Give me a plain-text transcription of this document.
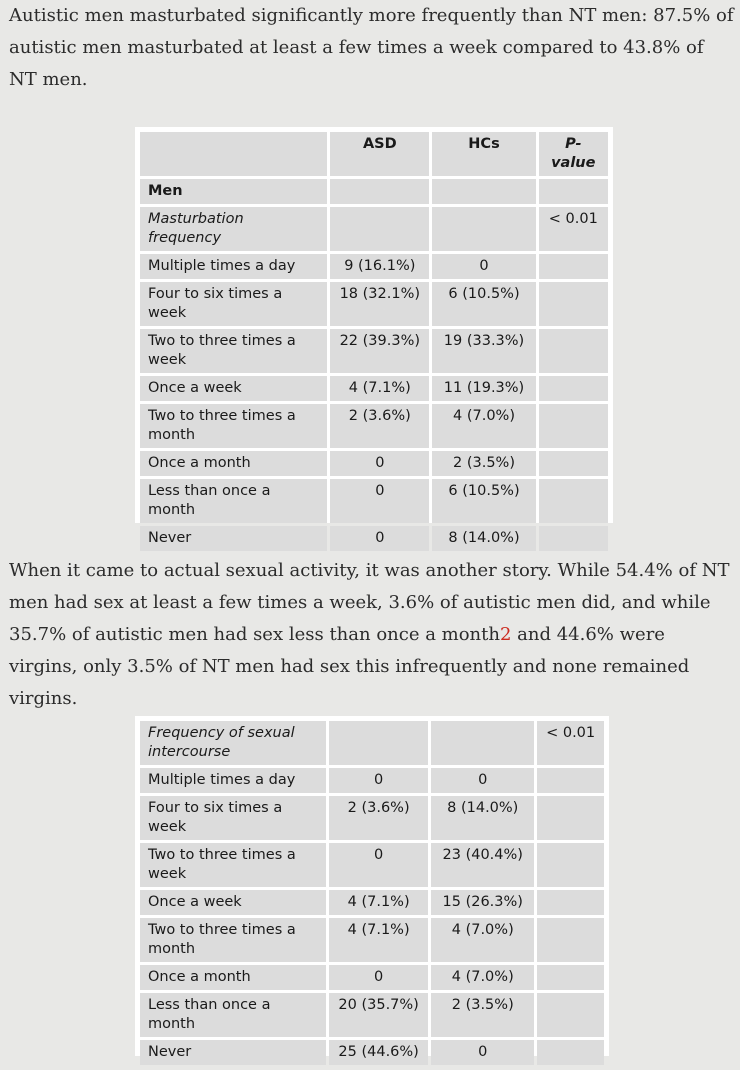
Autistic men masturbated significantly more frequently than NT men: 87.5% of autistic men masturbated at least a few times a week compared to 43.8% of NT men.

	ASD	HCs	P-value
Men			
Masturbation frequency			< 0.01
Multiple times a day	9 (16.1%)	0	
Four to six times a week	18 (32.1%)	6 (10.5%)	
Two to three times a week	22 (39.3%)	19 (33.3%)	
Once a week	4 (7.1%)	11 (19.3%)	
Two to three times a month	2 (3.6%)	4 (7.0%)	
Once a month	0	2 (3.5%)	
Less than once a month	0	6 (10.5%)	
Never	0	8 (14.0%)	

When it came to actual sexual activity, it was another story. While 54.4% of NT men had sex at least a few times a week, 3.6% of autistic men did, and while 35.7% of autistic men had sex less than once a month2 and 44.6% were virgins, only 3.5% of NT men had sex this infrequently and none remained virgins.

Frequency of sexual intercourse			< 0.01
Multiple times a day	0	0	
Four to six times a week	2 (3.6%)	8 (14.0%)	
Two to three times a week	0	23 (40.4%)	
Once a week	4 (7.1%)	15 (26.3%)	
Two to three times a month	4 (7.1%)	4 (7.0%)	
Once a month	0	4 (7.0%)	
Less than once a month	20 (35.7%)	2 (3.5%)	
Never	25 (44.6%)	0	
